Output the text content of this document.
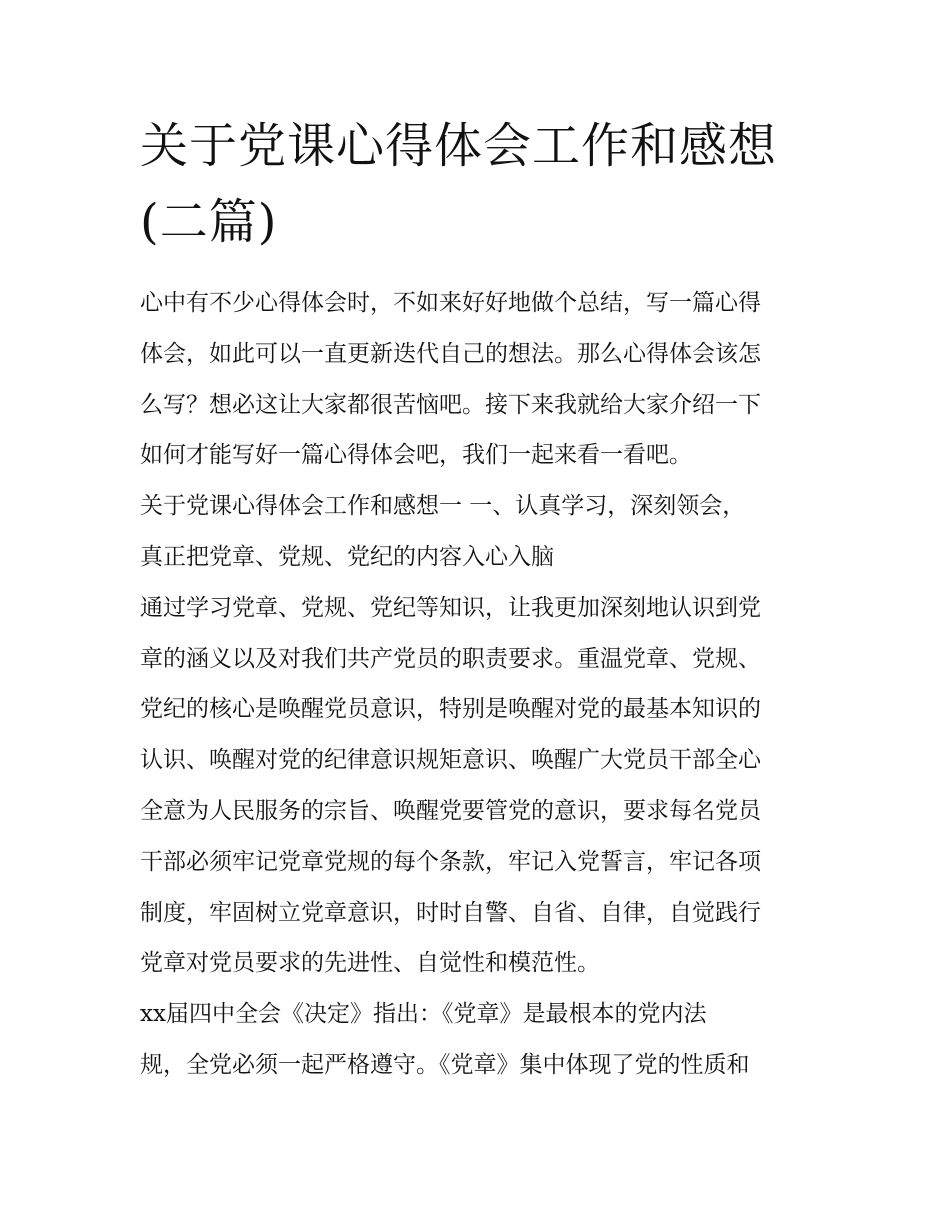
关于党课心得体会工作和感想
(二篇)

心中有不少心得体会时，不如来好好地做个总结，写一篇心得

体会，如此可以一直更新迭代自己的想法。那么心得体会该怎

么写？想必这让大家都很苦恼吧。接下来我就给大家介绍一下

如何才能写好一篇心得体会吧，我们一起来看一看吧。

关于党课心得体会工作和感想一 一、认真学习，深刻领会，

真正把党章、党规、党纪的内容入心入脑

通过学习党章、党规、党纪等知识，让我更加深刻地认识到党

章的涵义以及对我们共产党员的职责要求。重温党章、党规、

党纪的核心是唤醒党员意识，特别是唤醒对党的最基本知识的

认识、唤醒对党的纪律意识规矩意识、唤醒广大党员干部全心

全意为人民服务的宗旨、唤醒党要管党的意识，要求每名党员

干部必须牢记党章党规的每个条款，牢记入党誓言，牢记各项

制度，牢固树立党章意识，时时自警、自省、自律，自觉践行

党章对党员要求的先进性、自觉性和模范性。

xx届四中全会《决定》指出：《党章》是最根本的党内法

规，全党必须一起严格遵守。《党章》集中体现了党的性质和
